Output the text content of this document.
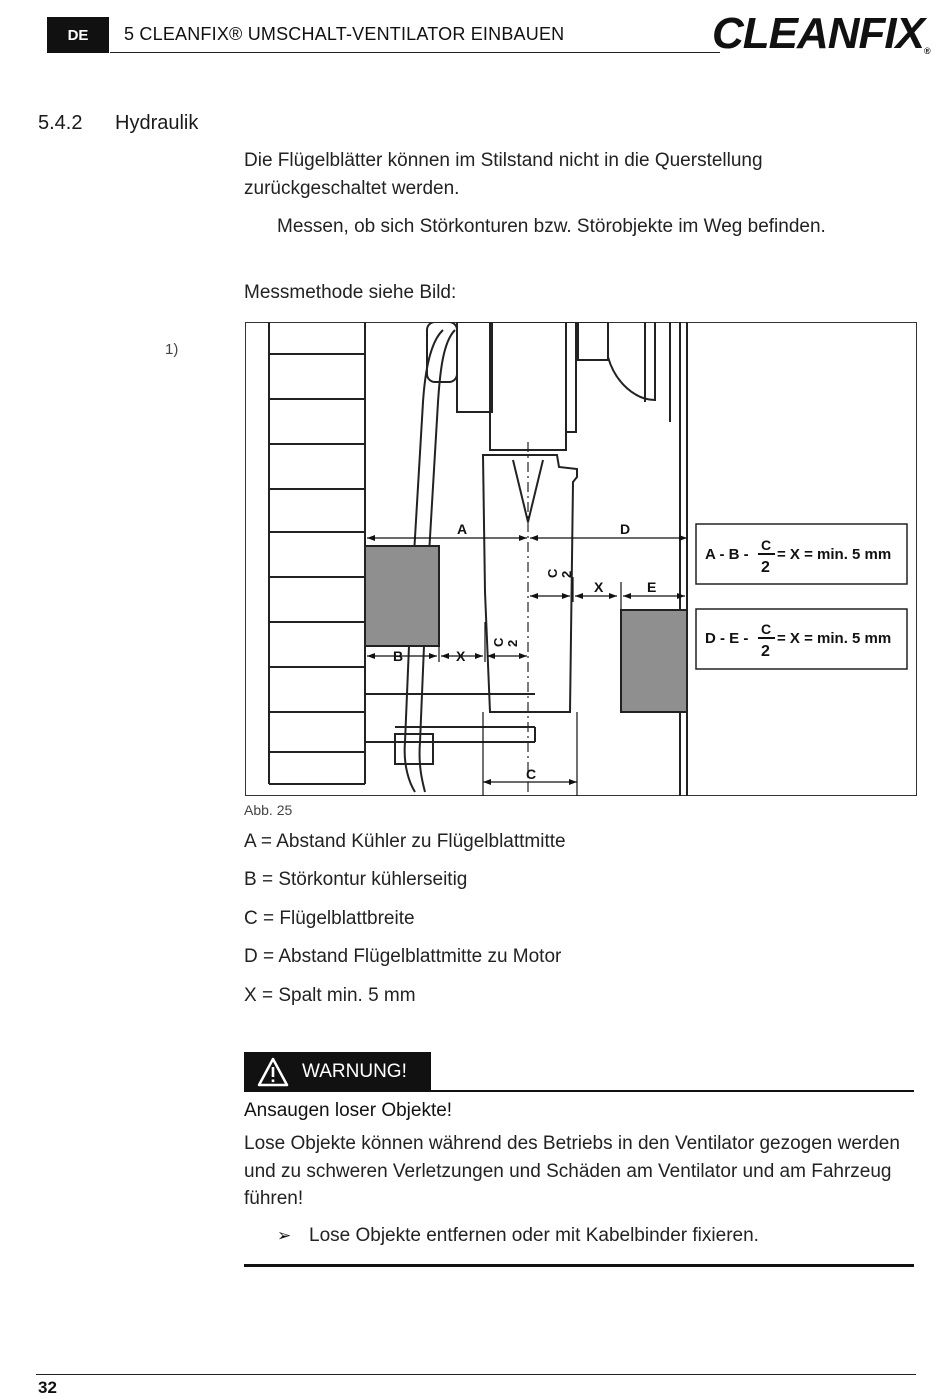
DE	5 CLEANFIX® UMSCHALT-VENTILATOR EINBAUEN	CLEANFIX®
5.4.2 Hydraulik
Die Flügelblätter können im Stilstand nicht in die Querstellung zurückgeschaltet werden.
Messen, ob sich Störkonturen bzw. Störobjekte im Weg befinden.
Messmethode siehe Bild:
1)
A	D
B	X
X	E
C
C 2
C 2
A - B -
C
2
= X = min. 5 mm
D - E -
C
2
= X = min. 5 mm
Abb. 25
A = Abstand Kühler zu Flügelblattmitte
B = Störkontur kühlerseitig
C = Flügelblattbreite
D = Abstand Flügelblattmitte zu Motor
X = Spalt min. 5 mm
WARNUNG!
Ansaugen loser Objekte!
Lose Objekte können während des Betriebs in den Ventilator gezogen werden und zu schweren Verletzungen und Schäden am Ventilator und am Fahrzeug führen!
➢ Lose Objekte entfernen oder mit Kabelbinder fixieren.
32
